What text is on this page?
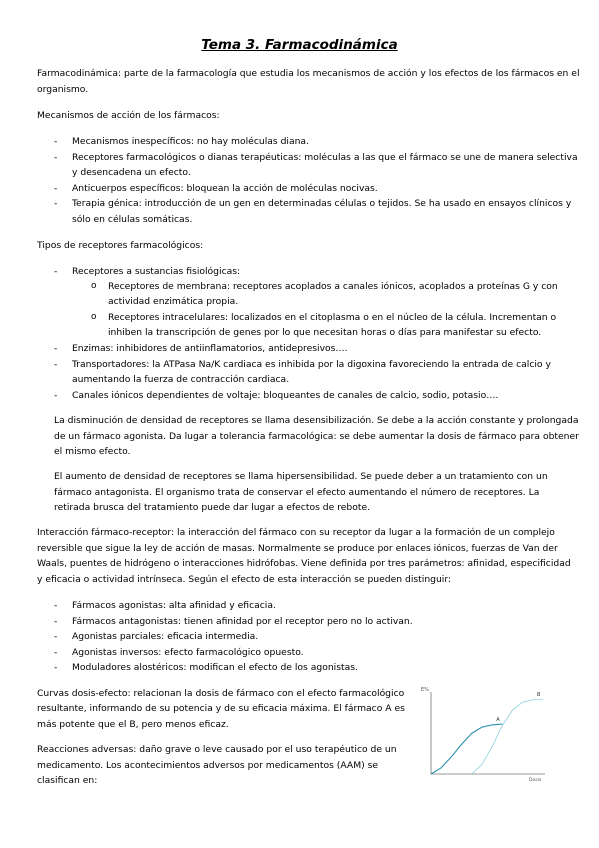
Tema 3. Farmacodinámica
Farmacodinámica: parte de la farmacología que estudia los mecanismos de acción y los efectos de los fármacos en el
organismo.
Mecanismos de acción de los fármacos:
- Mecanismos inespecíficos: no hay moléculas diana.
- Receptores farmacológicos o dianas terapéuticas: moléculas a las que el fármaco se une de manera selectiva
y desencadena un efecto.
- Anticuerpos específicos: bloquean la acción de moléculas nocivas.
- Terapia génica: introducción de un gen en determinadas células o tejidos. Se ha usado en ensayos clínicos y
sólo en células somáticas.
Tipos de receptores farmacológicos:
- Receptores a sustancias fisiológicas:
o Receptores de membrana: receptores acoplados a canales iónicos, acoplados a proteínas G y con
actividad enzimática propia.
o Receptores intracelulares: localizados en el citoplasma o en el núcleo de la célula. Incrementan o
inhiben la transcripción de genes por lo que necesitan horas o días para manifestar su efecto.
- Enzimas: inhibidores de antiinflamatorios, antidepresivos….
- Transportadores: la ATPasa Na/K cardiaca es inhibida por la digoxina favoreciendo la entrada de calcio y
aumentando la fuerza de contracción cardiaca.
- Canales iónicos dependientes de voltaje: bloqueantes de canales de calcio, sodio, potasio….
La disminución de densidad de receptores se llama desensibilización. Se debe a la acción constante y prolongada
de un fármaco agonista. Da lugar a tolerancia farmacológica: se debe aumentar la dosis de fármaco para obtener
el mismo efecto.
El aumento de densidad de receptores se llama hipersensibilidad. Se puede deber a un tratamiento con un
fármaco antagonista. El organismo trata de conservar el efecto aumentando el número de receptores. La
retirada brusca del tratamiento puede dar lugar a efectos de rebote.
Interacción fármaco-receptor: la interacción del fármaco con su receptor da lugar a la formación de un complejo
reversible que sigue la ley de acción de masas. Normalmente se produce por enlaces iónicos, fuerzas de Van der
Waals, puentes de hidrógeno o interacciones hidrófobas. Viene definida por tres parámetros: afinidad, especificidad
y eficacia o actividad intrínseca. Según el efecto de esta interacción se pueden distinguir:
- Fármacos agonistas: alta afinidad y eficacia.
- Fármacos antagonistas: tienen afinidad por el receptor pero no lo activan.
- Agonistas parciales: eficacia intermedia.
- Agonistas inversos: efecto farmacológico opuesto.
- Moduladores alostéricos: modifican el efecto de los agonistas.
Curvas dosis-efecto: relacionan la dosis de fármaco con el efecto farmacológico
resultante, informando de su potencia y de su eficacia máxima. El fármaco A es
más potente que el B, pero menos eficaz.
Reacciones adversas: daño grave o leve causado por el uso terapéutico de un
medicamento. Los acontecimientos adversos por medicamentos (AAM) se
clasifican en:
E%
Dosis
A
B
